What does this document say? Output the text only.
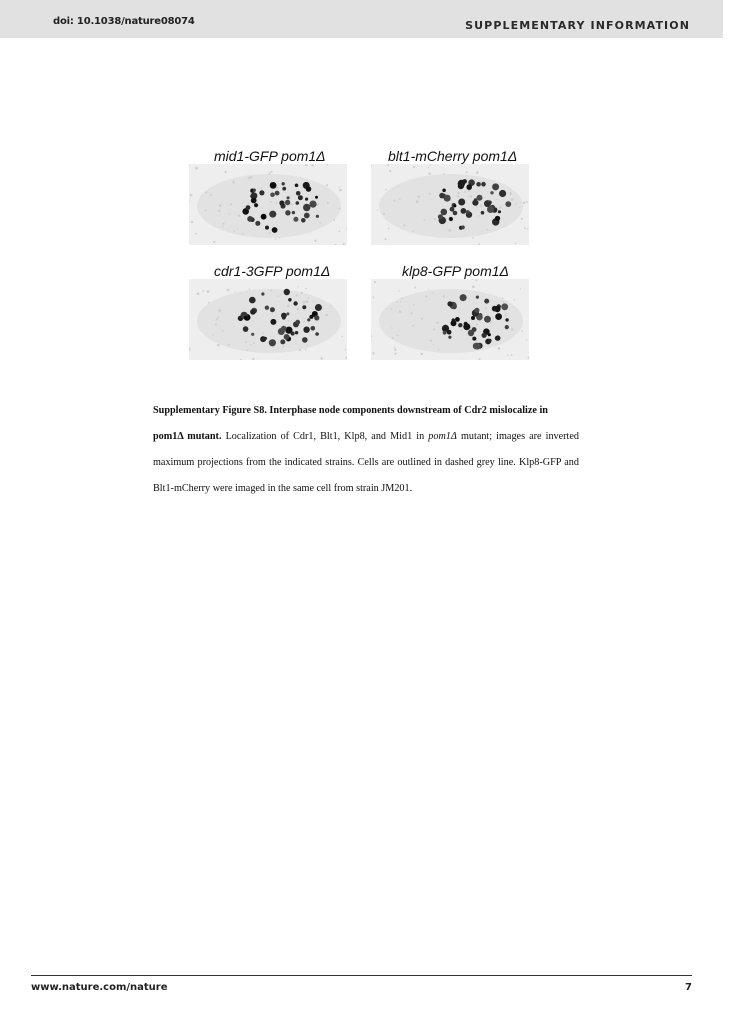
doi: 10.1038/nature08074	SUPPLEMENTARY INFORMATION
mid1-GFP pom1Δ	blt1-mCherry pom1Δ
cdr1-3GFP pom1Δ	klp8-GFP pom1Δ
Supplementary Figure S8. Interphase node components downstream of Cdr2 mislocalize in
pom1Δ mutant. Localization of Cdr1, Blt1, Klp8, and Mid1 in pom1Δ mutant; images are inverted maximum projections from the indicated strains. Cells are outlined in dashed grey line. Klp8-GFP and Blt1-mCherry were imaged in the same cell from strain JM201.
www.nature.com/nature	7
